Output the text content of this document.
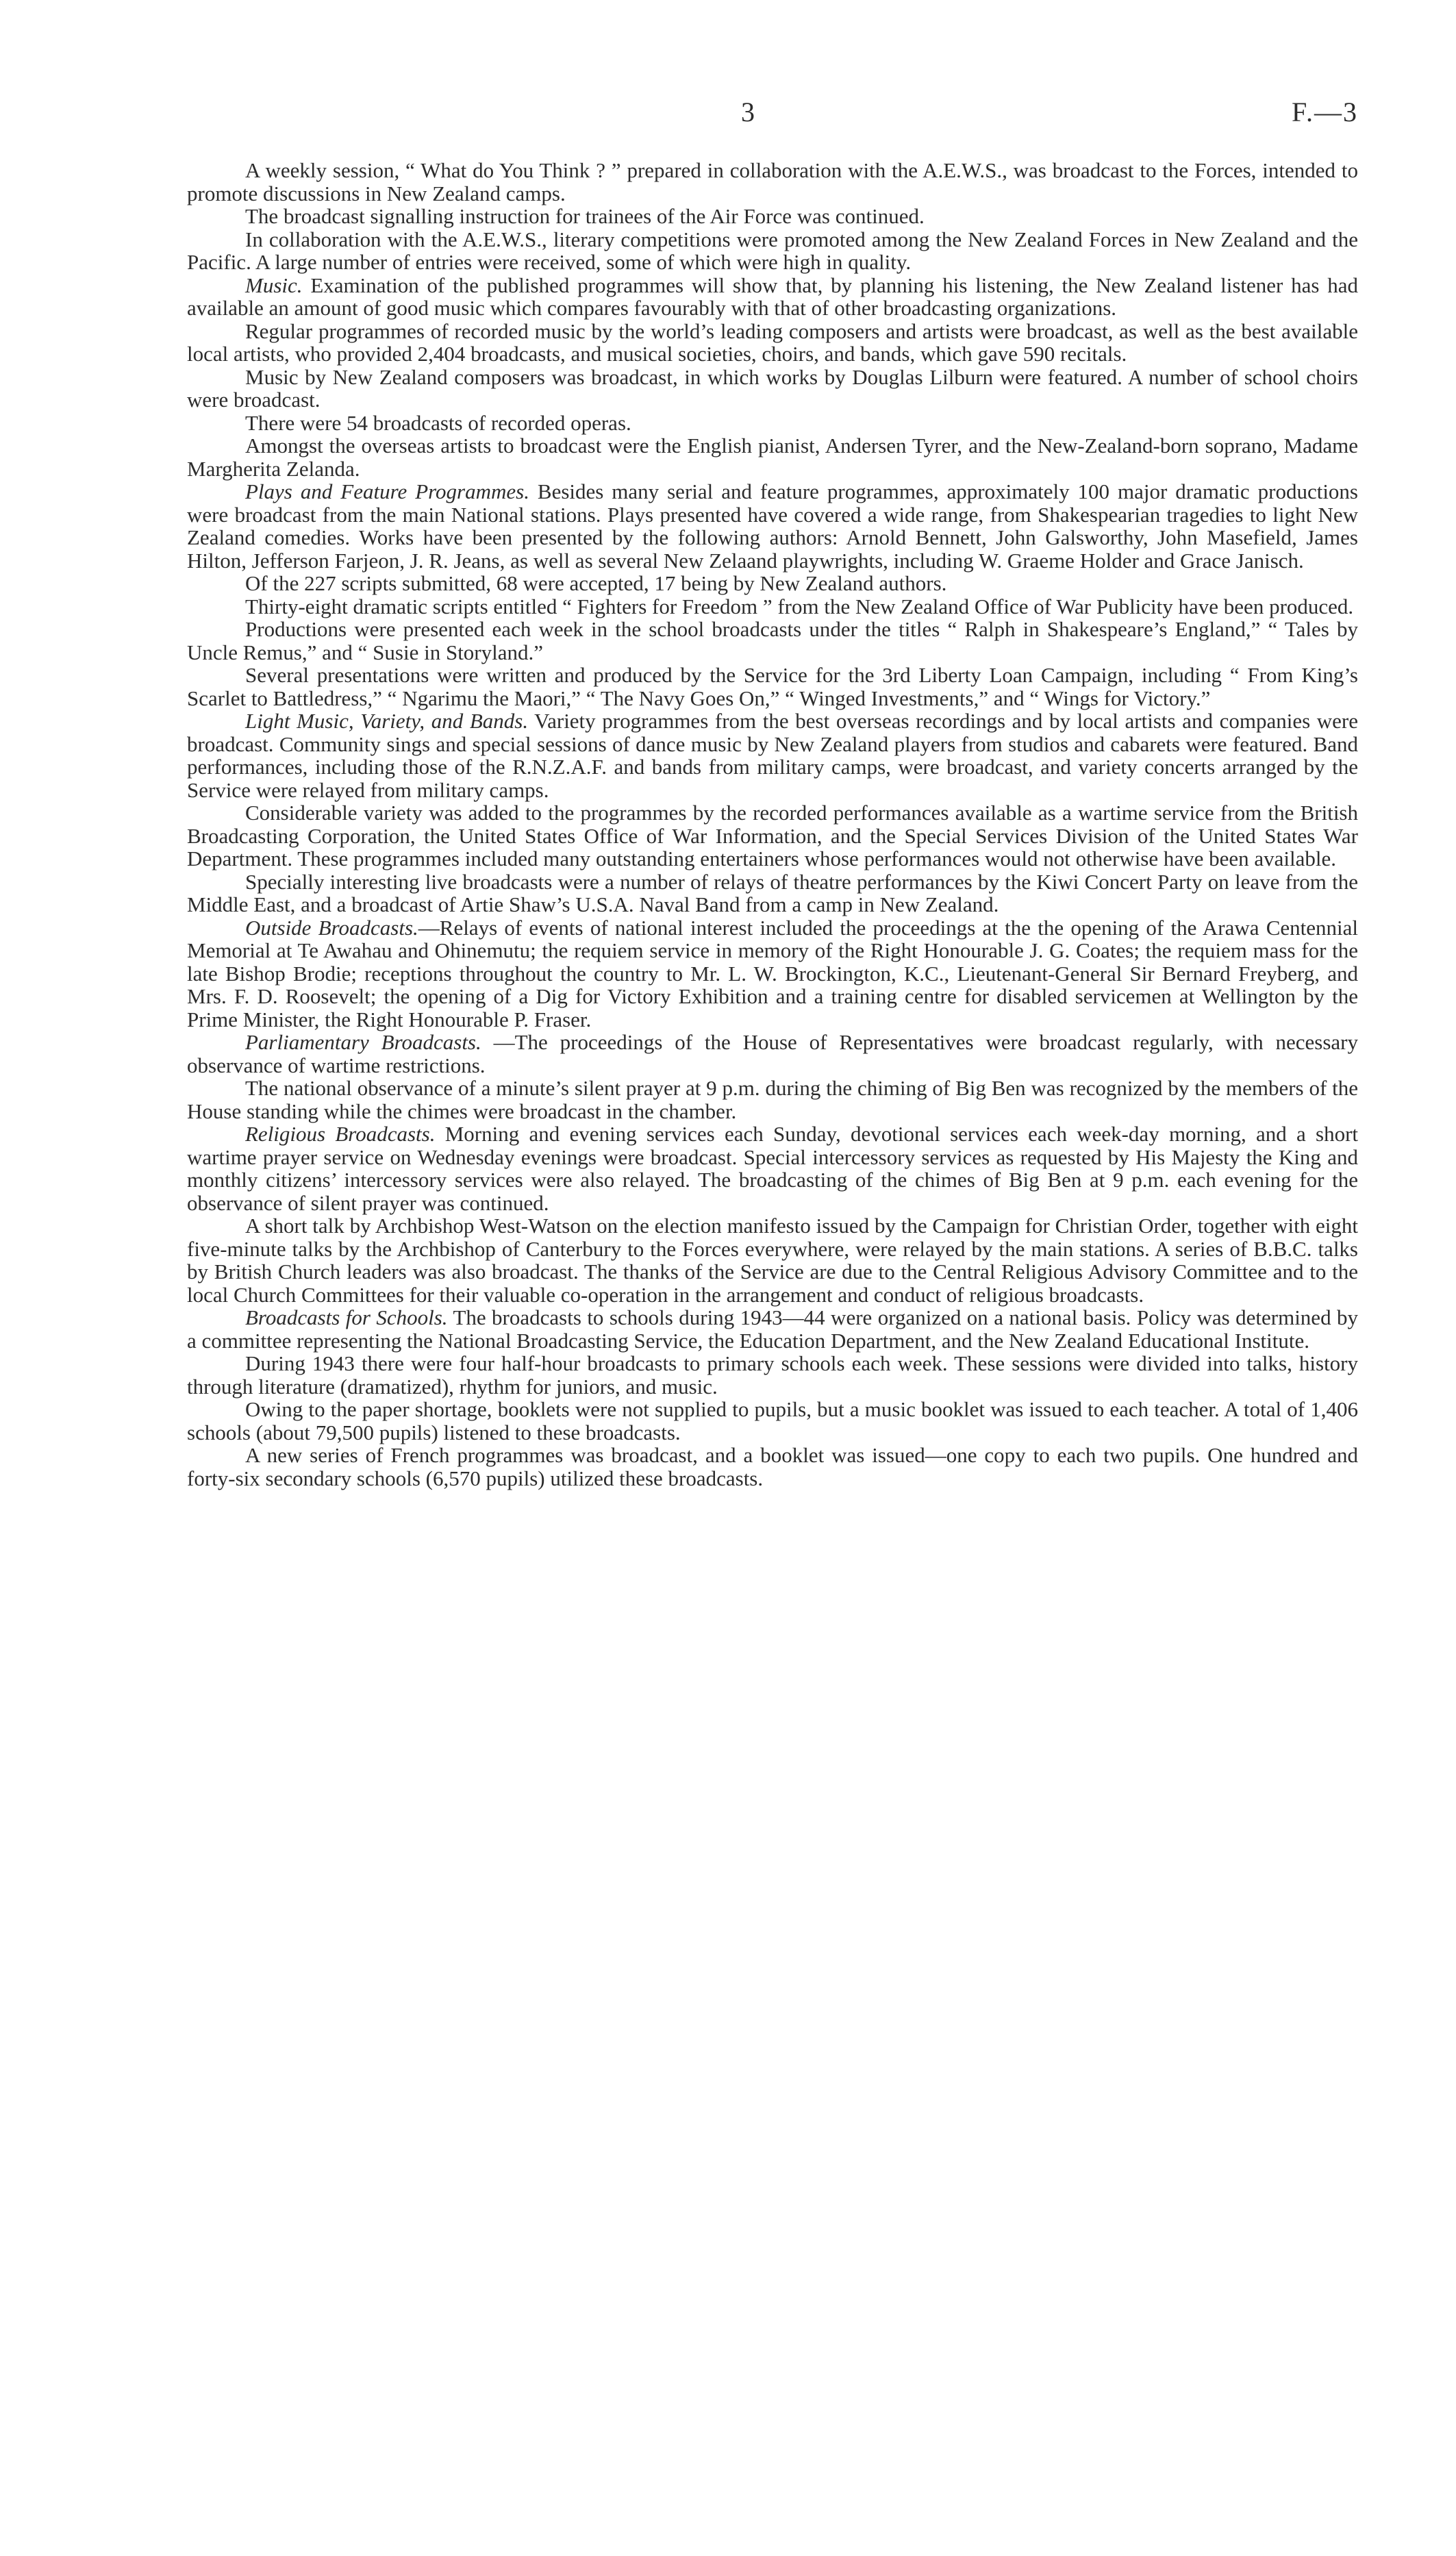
3	F.—3

A weekly session, “ What do You Think ? ” prepared in collaboration with the A.E.W.S., was broadcast to the Forces, intended to promote discussions in New Zealand camps.

The broadcast signalling instruction for trainees of the Air Force was continued.

In collaboration with the A.E.W.S., literary competitions were promoted among the New Zealand Forces in New Zealand and the Pacific. A large number of entries were received, some of which were high in quality.

Music. Examination of the published programmes will show that, by planning his listening, the New Zealand listener has had available an amount of good music which compares favourably with that of other broadcasting organizations.

Regular programmes of recorded music by the world’s leading composers and artists were broadcast, as well as the best available local artists, who provided 2,404 broadcasts, and musical societies, choirs, and bands, which gave 590 recitals.

Music by New Zealand composers was broadcast, in which works by Douglas Lilburn were featured. A number of school choirs were broadcast.

There were 54 broadcasts of recorded operas.

Amongst the overseas artists to broadcast were the English pianist, Andersen Tyrer, and the New-Zealand-born soprano, Madame Margherita Zelanda.

Plays and Feature Programmes. Besides many serial and feature programmes, approximately 100 major dramatic productions were broadcast from the main National stations. Plays presented have covered a wide range, from Shakespearian tragedies to light New Zealand comedies. Works have been presented by the following authors: Arnold Bennett, John Galsworthy, John Masefield, James Hilton, Jefferson Farjeon, J. R. Jeans, as well as several New Zelaand playwrights, including W. Graeme Holder and Grace Janisch.

Of the 227 scripts submitted, 68 were accepted, 17 being by New Zealand authors.

Thirty-eight dramatic scripts entitled “ Fighters for Freedom ” from the New Zealand Office of War Publicity have been produced.

Productions were presented each week in the school broadcasts under the titles “ Ralph in Shakespeare’s England,” “ Tales by Uncle Remus,” and “ Susie in Storyland.”

Several presentations were written and produced by the Service for the 3rd Liberty Loan Campaign, including “ From King’s Scarlet to Battledress,” “ Ngarimu the Maori,” “ The Navy Goes On,” “ Winged Investments,” and “ Wings for Victory.”

Light Music, Variety, and Bands. Variety programmes from the best overseas recordings and by local artists and companies were broadcast. Community sings and special sessions of dance music by New Zealand players from studios and cabarets were featured. Band performances, including those of the R.N.Z.A.F. and bands from military camps, were broadcast, and variety concerts arranged by the Service were relayed from military camps.

Considerable variety was added to the programmes by the recorded performances available as a wartime service from the British Broadcasting Corporation, the United States Office of War Information, and the Special Services Division of the United States War Department. These programmes included many outstanding entertainers whose performances would not otherwise have been available.

Specially interesting live broadcasts were a number of relays of theatre performances by the Kiwi Concert Party on leave from the Middle East, and a broadcast of Artie Shaw’s U.S.A. Naval Band from a camp in New Zealand.

Outside Broadcasts.—Relays of events of national interest included the proceedings at the the opening of the Arawa Centennial Memorial at Te Awahau and Ohinemutu; the requiem service in memory of the Right Honourable J. G. Coates; the requiem mass for the late Bishop Brodie; receptions throughout the country to Mr. L. W. Brockington, K.C., Lieutenant-General Sir Bernard Freyberg, and Mrs. F. D. Roosevelt; the opening of a Dig for Victory Exhibition and a training centre for disabled servicemen at Wellington by the Prime Minister, the Right Honourable P. Fraser.

Parliamentary Broadcasts. —The proceedings of the House of Representatives were broadcast regularly, with necessary observance of wartime restrictions.

The national observance of a minute’s silent prayer at 9 p.m. during the chiming of Big Ben was recognized by the members of the House standing while the chimes were broadcast in the chamber.

Religious Broadcasts. Morning and evening services each Sunday, devotional services each week-day morning, and a short wartime prayer service on Wednesday evenings were broadcast. Special intercessory services as requested by His Majesty the King and monthly citizens’ intercessory services were also relayed. The broadcasting of the chimes of Big Ben at 9 p.m. each evening for the observance of silent prayer was continued.

A short talk by Archbishop West-Watson on the election manifesto issued by the Campaign for Christian Order, together with eight five-minute talks by the Archbishop of Canterbury to the Forces everywhere, were relayed by the main stations. A series of B.B.C. talks by British Church leaders was also broadcast. The thanks of the Service are due to the Central Religious Advisory Committee and to the local Church Committees for their valuable co-operation in the arrangement and conduct of religious broadcasts.

Broadcasts for Schools. The broadcasts to schools during 1943—44 were organized on a national basis. Policy was determined by a committee representing the National Broadcasting Service, the Education Department, and the New Zealand Educational Institute.

During 1943 there were four half-hour broadcasts to primary schools each week. These sessions were divided into talks, history through literature (dramatized), rhythm for juniors, and music.

Owing to the paper shortage, booklets were not supplied to pupils, but a music booklet was issued to each teacher. A total of 1,406 schools (about 79,500 pupils) listened to these broadcasts.

A new series of French programmes was broadcast, and a booklet was issued—one copy to each two pupils. One hundred and forty-six secondary schools (6,570 pupils) utilized these broadcasts.
